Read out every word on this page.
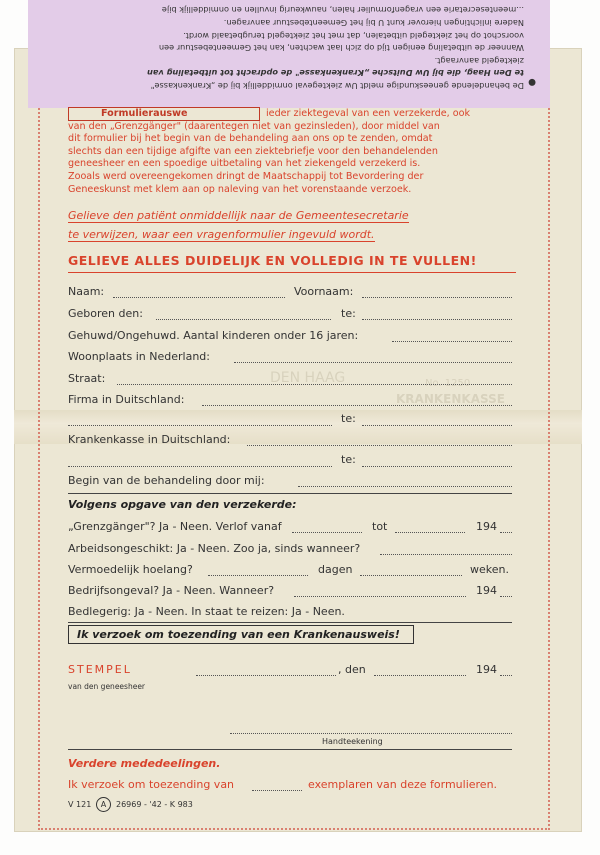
No. 1250
DEN HAAG
KRANKENKASSE
●
De behandelende geneeskundige meldt Uw ziektegeval onmiddellijk bij de „Krankenkasse"
te Den Haag, die bij Uw Duitsche „Krankenkasse" de opdracht tot uitbetaling van
ziektegeld aanvraagt.
Wanneer de uitbetaling eenigen tijd op zich laat wachten, kan het Gemeentebestuur een
voorschot op het ziektegeld uitbetalen, dat met het ziektegeld terugbetaald wordt.
Nadere inlichtingen hierover kunt U bij het Gemeentebestuur aanvragen.
...meentesecretarie een vragenformulier halen, nauwkeurig invullen en onmiddellijk bije
ieder ziektegeval van een verzekerde, ook
van den „Grenzgänger" (daarentegen niet van gezinsleden), door middel van
dit formulier bij het begin van de behandeling aan ons op te zenden, omdat
slechts dan een tijdige afgifte van een ziektebriefje voor den behandelenden
geneesheer en een spoedige uitbetaling van het ziekengeld verzekerd is.
Zooals werd overeengekomen dringt de Maatschappij tot Bevordering der
Geneeskunst met klem aan op naleving van het vorenstaande verzoek.
Formulierauswe
Gelieve den patiënt onmiddellijk naar de Gemeentesecretarie
te verwijzen, waar een vragenformulier ingevuld wordt.
GELIEVE ALLES DUIDELIJK EN VOLLEDIG IN TE VULLEN!
Naam:	Voornaam:
Geboren den:	te:
Gehuwd/Ongehuwd. Aantal kinderen onder 16 jaren:
Woonplaats in Nederland:
Straat:
Firma in Duitschland:
te:
Krankenkasse in Duitschland:
te:
Begin van de behandeling door mij:
Volgens opgave van den verzekerde:
„Grenzgänger"? Ja - Neen. Verlof vanaf	tot	194
Arbeidsongeschikt: Ja - Neen. Zoo ja, sinds wanneer?
Vermoedelijk hoelang?	dagen	weken.
Bedrijfsongeval? Ja - Neen. Wanneer?	194
Bedlegerig: Ja - Neen. In staat te reizen: Ja - Neen.
Ik verzoek om toezending van een Krankenausweis!
STEMPEL
van den geneesheer
, den	194
Handteekening
Verdere mededeelingen.
Ik verzoek om toezending van	exemplaren van deze formulieren.
V 121	A	26969 - '42 - K 983
